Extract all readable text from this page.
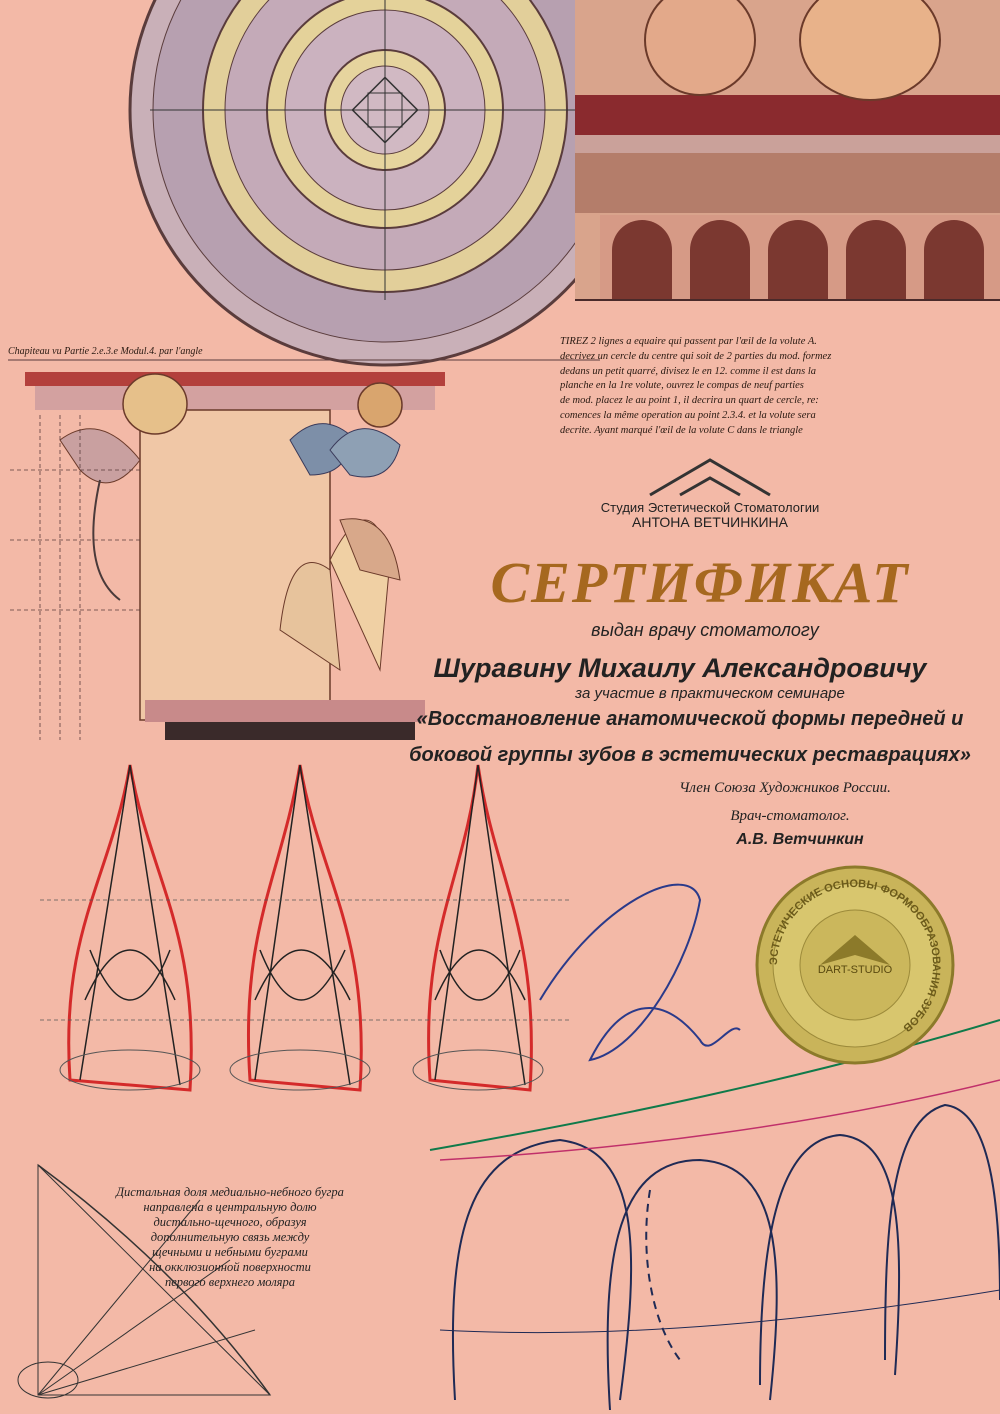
ЭСТЕТИЧЕСКИЕ ОСНОВЫ ФОРМООБРАЗОВАНИЯ ЗУБОВ
DART-STUDIO

Chapiteau vu Partie 2.e.3.e Modul.4. par l'angle

TIREZ 2 lignes a equaire qui passent par l'œil de la volute A.
decrivez un cercle du centre qui soit de 2 parties du mod. formez
dedans un petit quarré, divisez le en 12. comme il est dans la
planche en la 1re volute, ouvrez le compas de neuf parties
de mod. placez le au point 1, il decrira un quart de cercle, re:
comences la même operation au point 2.3.4. et la volute sera
decrite. Ayant marqué l'œil de la volute C dans le triangle

Студия Эстетической Стоматологии

АНТОНА ВЕТЧИНКИНА

СЕРТИФИКАТ

выдан врачу стоматологу

Шуравину Михаилу Александровичу

за участие в практическом семинаре

«Восстановление анатомической формы передней и

боковой группы зубов в эстетических реставрациях»

Член Союза Художников России.

Врач-стоматолог.

А.В. Ветчинкин

Дистальная доля медиально-небного бугра
направлена в центральную долю
дистально-щечного, образуя
дополнительную связь между
щечными и небными буграми
на окклюзионной поверхности
первого верхнего моляра
